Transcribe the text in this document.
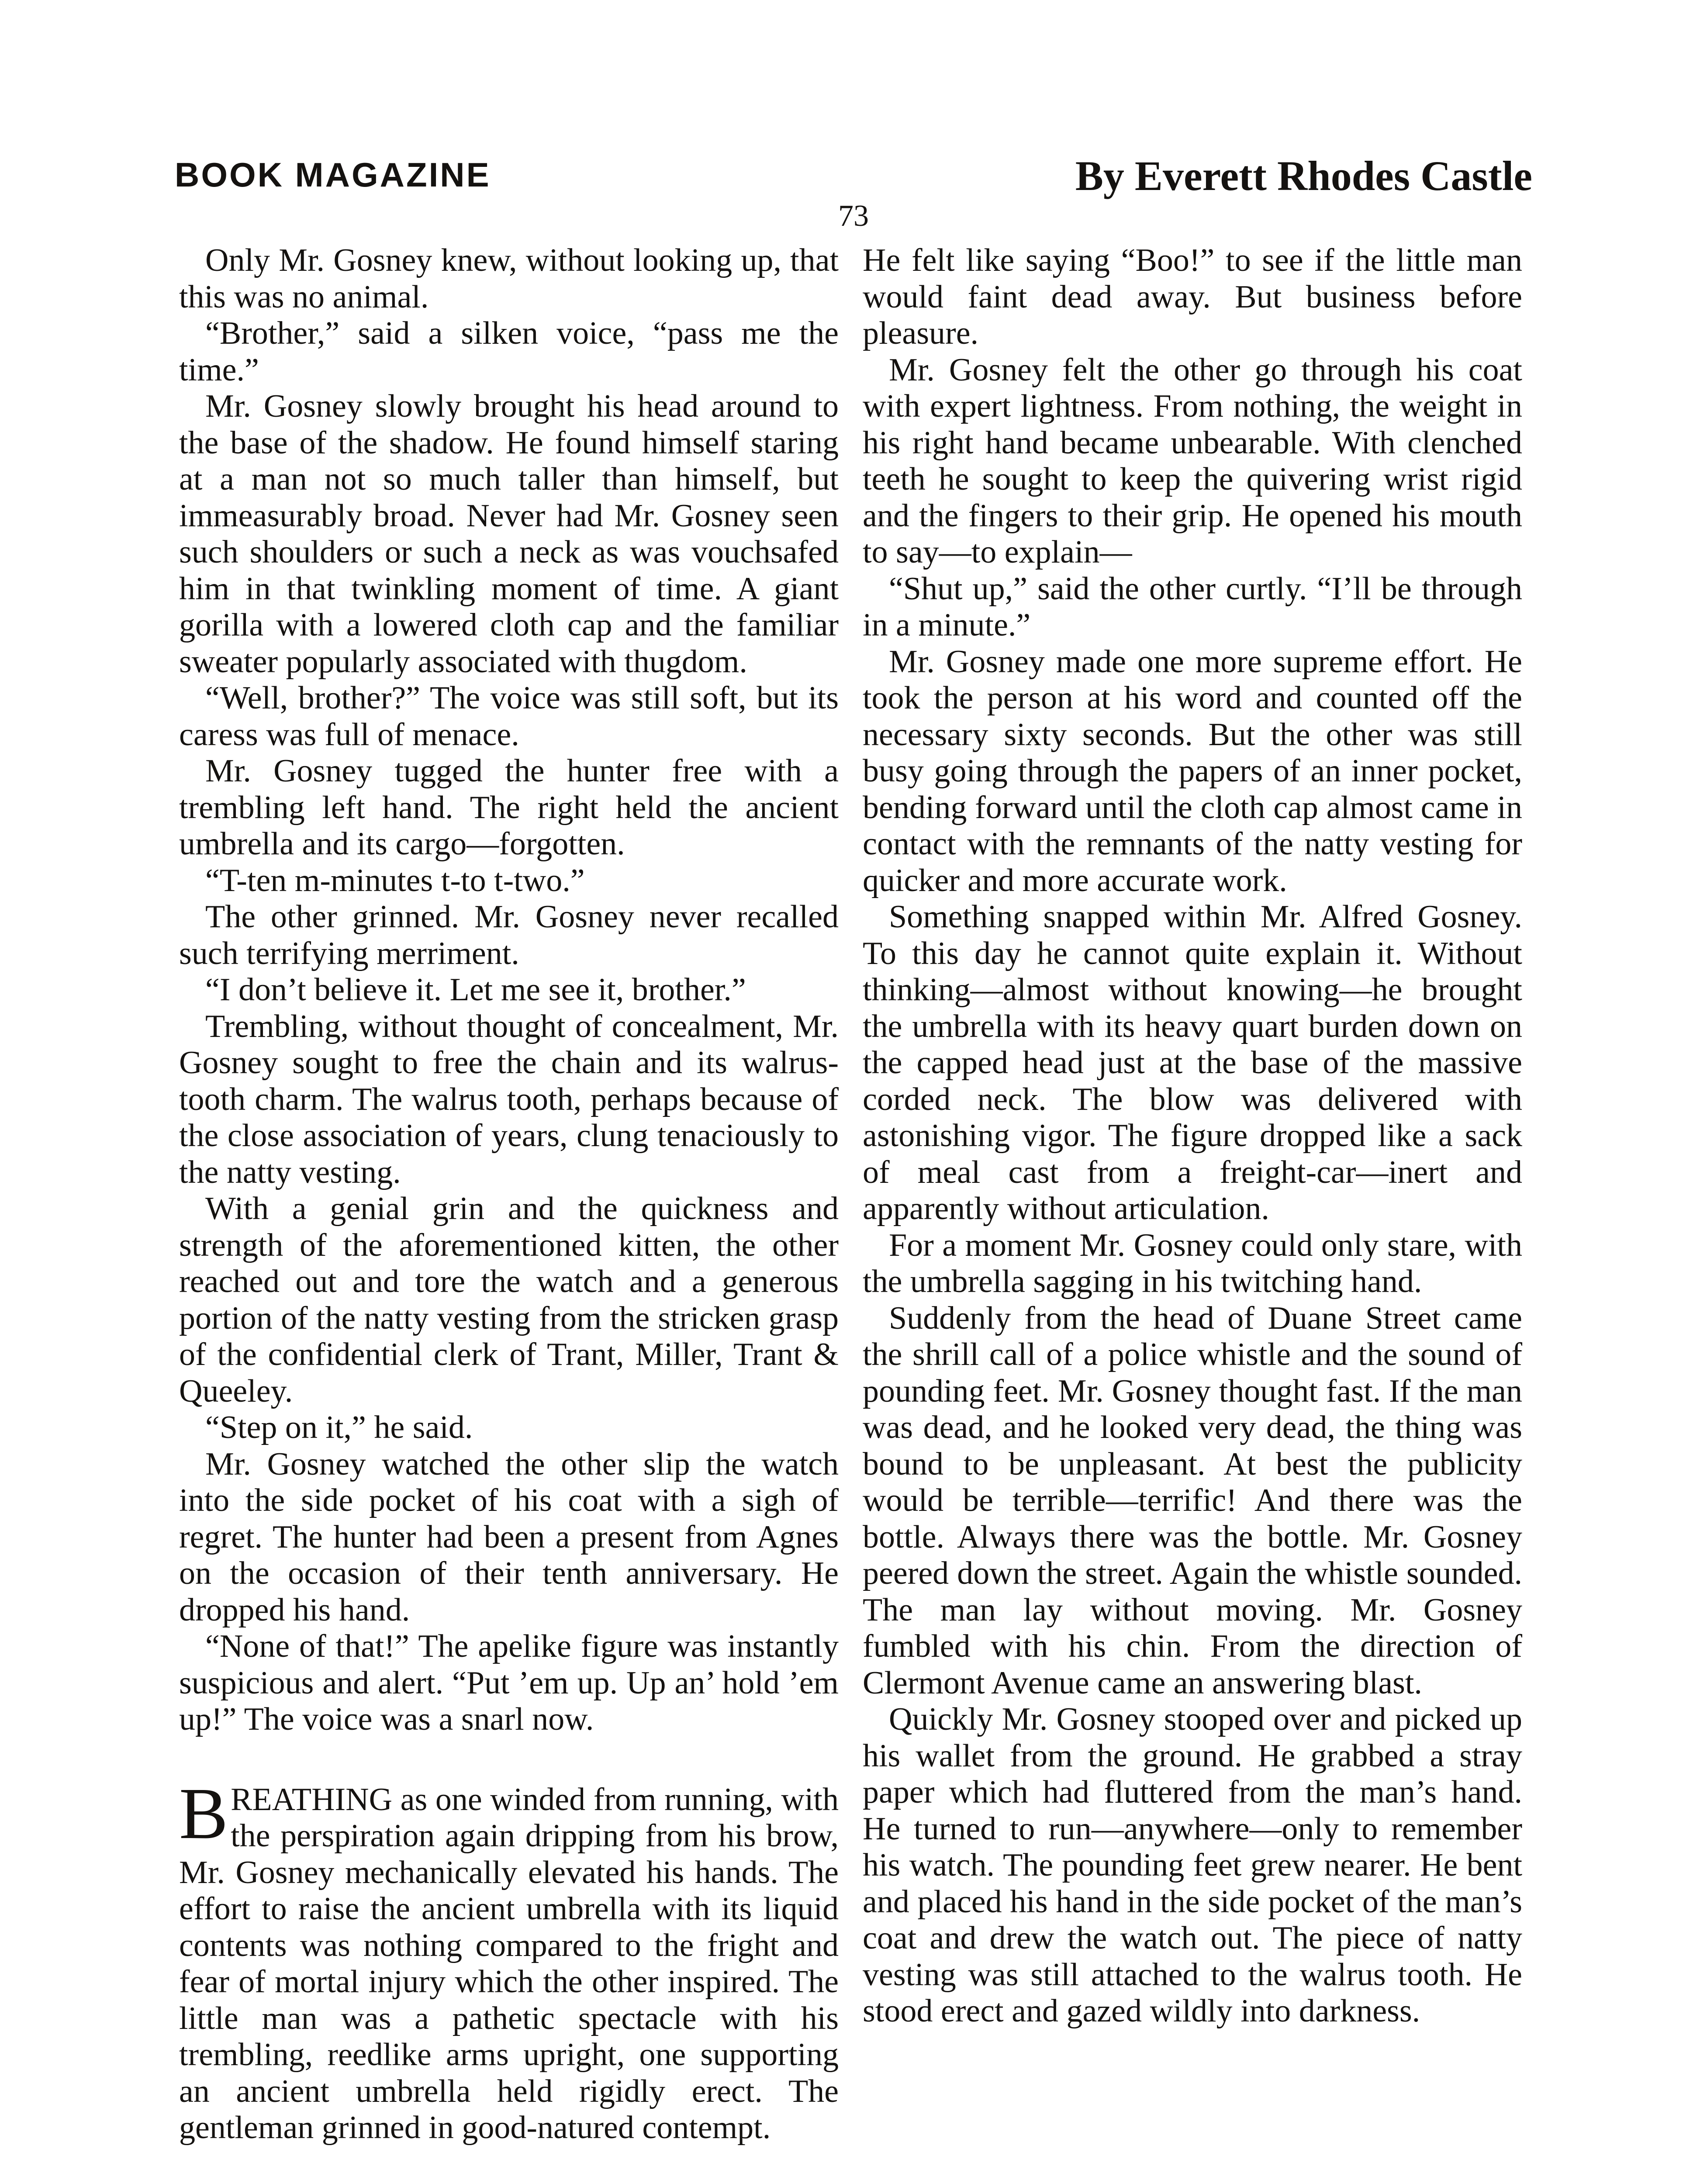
BOOK MAGAZINE	By Everett Rhodes Castle
73

Only Mr. Gosney knew, without looking up, that this was no animal.

“Brother,” said a silken voice, “pass me the time.”

Mr. Gosney slowly brought his head around to the base of the shadow. He found himself staring at a man not so much taller than himself, but immeasurably broad. Never had Mr. Gosney seen such shoulders or such a neck as was vouchsafed him in that twinkling moment of time. A giant gorilla with a lowered cloth cap and the familiar sweater popularly associated with thugdom.

“Well, brother?” The voice was still soft, but its caress was full of menace.

Mr. Gosney tugged the hunter free with a trembling left hand. The right held the ancient umbrella and its cargo—forgotten.

“T-ten m-minutes t-to t-two.”

The other grinned. Mr. Gosney never recalled such terrifying merriment.

“I don’t believe it. Let me see it, brother.”

Trembling, without thought of concealment, Mr. Gosney sought to free the chain and its walrus-tooth charm. The walrus tooth, perhaps because of the close association of years, clung tenaciously to the natty vesting.

With a genial grin and the quickness and strength of the aforementioned kitten, the other reached out and tore the watch and a generous portion of the natty vesting from the stricken grasp of the confidential clerk of Trant, Miller, Trant & Queeley.

“Step on it,” he said.

Mr. Gosney watched the other slip the watch into the side pocket of his coat with a sigh of regret. The hunter had been a present from Agnes on the occasion of their tenth anniversary. He dropped his hand.

“None of that!” The apelike figure was instantly suspicious and alert. “Put ’em up. Up an’ hold ’em up!” The voice was a snarl now.

BREATHING as one winded from running, with the perspiration again dripping from his brow, Mr. Gosney mechanically elevated his hands. The effort to raise the ancient umbrella with its liquid contents was nothing compared to the fright and fear of mortal injury which the other inspired. The little man was a pathetic spectacle with his trembling, reedlike arms upright, one supporting an ancient umbrella held rigidly erect. The gentleman grinned in good-natured contempt.

He felt like saying “Boo!” to see if the little man would faint dead away. But business before pleasure.

Mr. Gosney felt the other go through his coat with expert lightness. From nothing, the weight in his right hand became unbearable. With clenched teeth he sought to keep the quivering wrist rigid and the fingers to their grip. He opened his mouth to say—to explain—

“Shut up,” said the other curtly. “I’ll be through in a minute.”

Mr. Gosney made one more supreme effort. He took the person at his word and counted off the necessary sixty seconds. But the other was still busy going through the papers of an inner pocket, bending forward until the cloth cap almost came in contact with the remnants of the natty vesting for quicker and more accurate work.

Something snapped within Mr. Alfred Gosney. To this day he cannot quite explain it. Without thinking—almost without knowing—he brought the umbrella with its heavy quart burden down on the capped head just at the base of the massive corded neck. The blow was delivered with astonishing vigor. The figure dropped like a sack of meal cast from a freight-car—inert and apparently without articulation.

For a moment Mr. Gosney could only stare, with the umbrella sagging in his twitching hand.

Suddenly from the head of Duane Street came the shrill call of a police whistle and the sound of pounding feet. Mr. Gosney thought fast. If the man was dead, and he looked very dead, the thing was bound to be unpleasant. At best the publicity would be terrible—terrific! And there was the bottle. Always there was the bottle. Mr. Gosney peered down the street. Again the whistle sounded. The man lay without moving. Mr. Gosney fumbled with his chin. From the direction of Clermont Avenue came an answering blast.

Quickly Mr. Gosney stooped over and picked up his wallet from the ground. He grabbed a stray paper which had fluttered from the man’s hand. He turned to run—anywhere—only to remember his watch. The pounding feet grew nearer. He bent and placed his hand in the side pocket of the man’s coat and drew the watch out. The piece of natty vesting was still attached to the walrus tooth. He stood erect and gazed wildly into darkness.
